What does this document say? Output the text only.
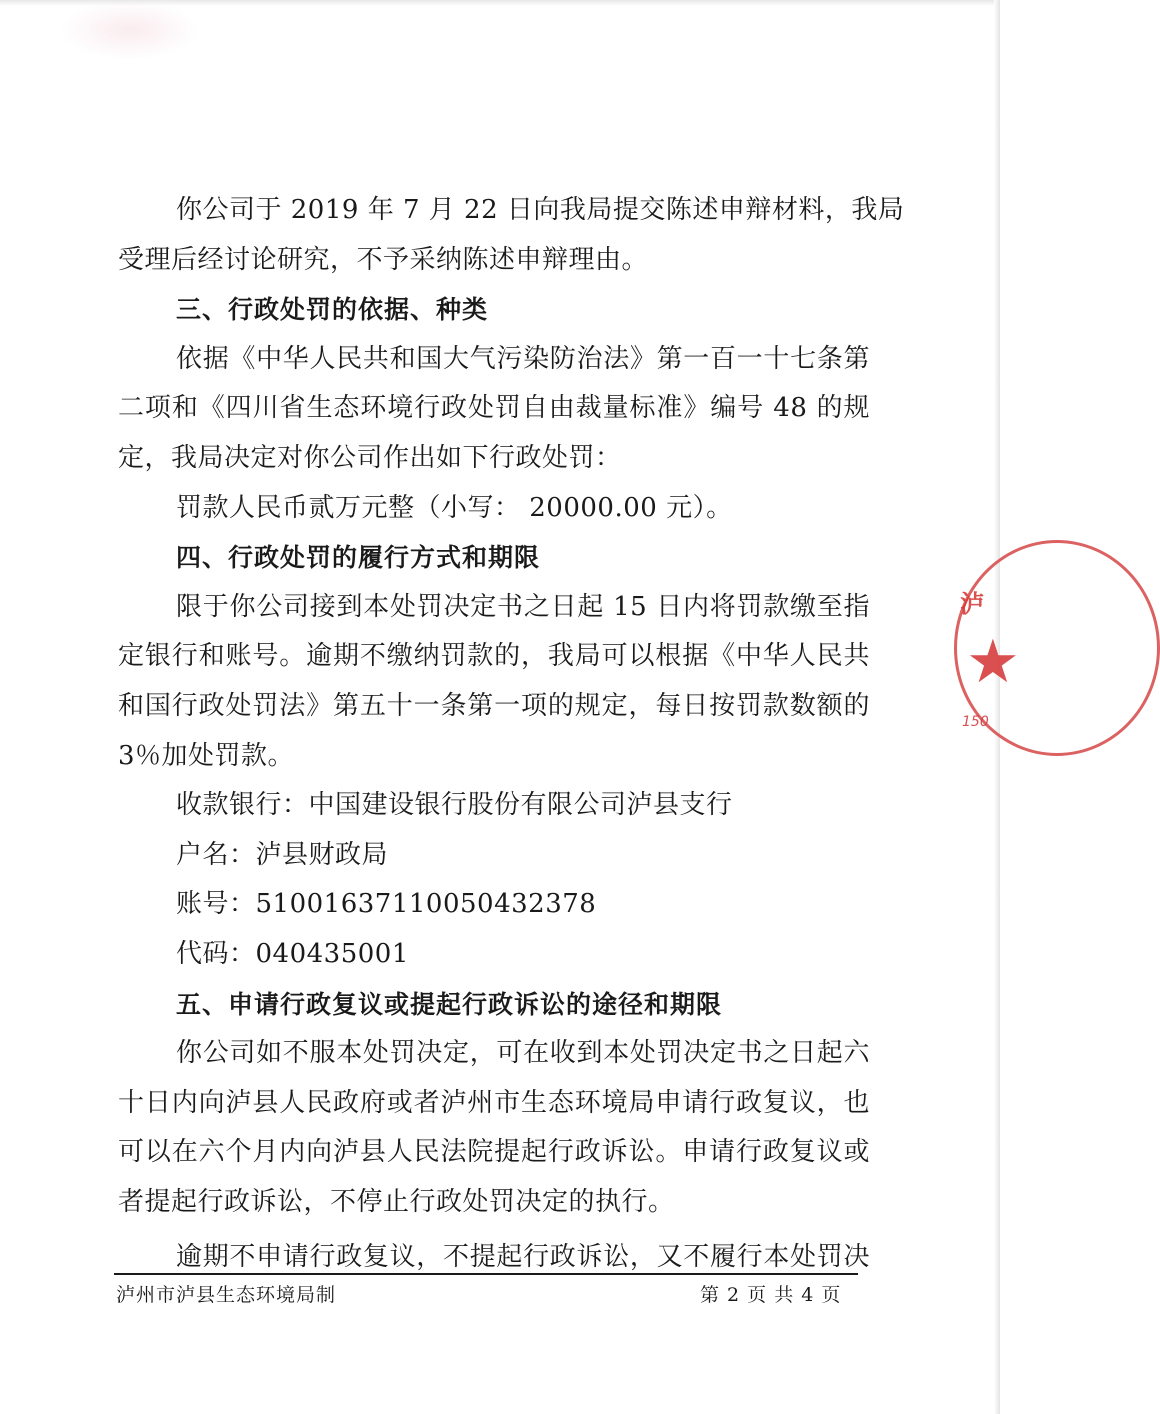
你公司于 2019 年 7 月 22 日向我局提交陈述申辩材料，我局
受理后经讨论研究，不予采纳陈述申辩理由。
三、行政处罚的依据、种类
依据《中华人民共和国大气污染防治法》第一百一十七条第
二项和《四川省生态环境行政处罚自由裁量标准》编号 48 的规
定，我局决定对你公司作出如下行政处罚：
罚款人民币贰万元整（小写： 20000.00 元）。
四、行政处罚的履行方式和期限
限于你公司接到本处罚决定书之日起 15 日内将罚款缴至指
定银行和账号。逾期不缴纳罚款的，我局可以根据《中华人民共
和国行政处罚法》第五十一条第一项的规定，每日按罚款数额的
3％加处罚款。
收款银行：中国建设银行股份有限公司泸县支行
户名：泸县财政局
账号：51001637110050432378
代码：040435001
五、申请行政复议或提起行政诉讼的途径和期限
你公司如不服本处罚决定，可在收到本处罚决定书之日起六
十日内向泸县人民政府或者泸州市生态环境局申请行政复议，也
可以在六个月内向泸县人民法院提起行政诉讼。申请行政复议或
者提起行政诉讼，不停止行政处罚决定的执行。
逾期不申请行政复议，不提起行政诉讼，又不履行本处罚决
泸州市泸县生态环境局制	第 2 页 共 4 页
泸
★
150
